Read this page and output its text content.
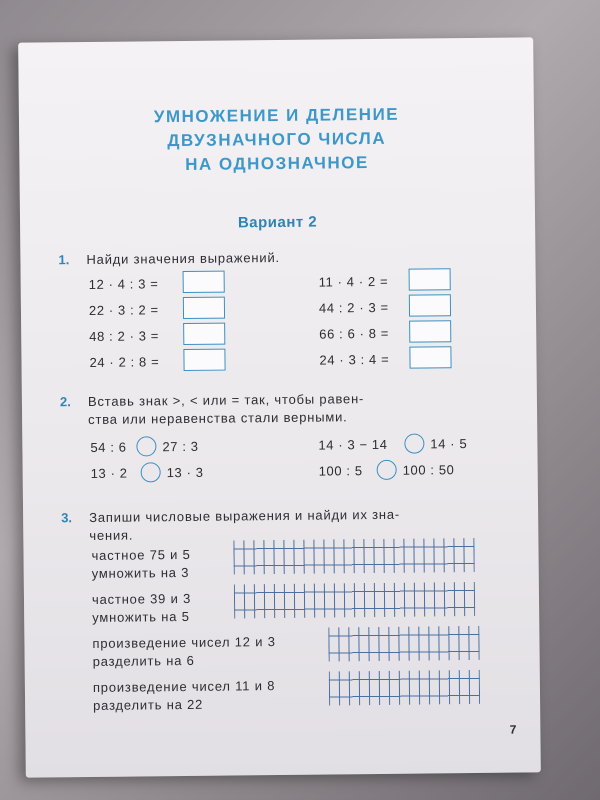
УМНОЖЕНИЕ И ДЕЛЕНИЕ
ДВУЗНАЧНОГО ЧИСЛА
НА ОДНОЗНАЧНОЕ
Вариант 2
1. Найди значения выражений.
12 · 4 : 3 =
22 · 3 : 2 =
48 : 2 · 3 =
24 · 2 : 8 =
11 · 4 · 2 =
44 : 2 · 3 =
66 : 6 · 8 =
24 · 3 : 4 =
2. Вставь знак >, < или = так, чтобы равен-
ства или неравенства стали верными.
54 : 6	27 : 3	14 · 3 − 14	14 · 5
13 · 2	13 · 3	100 : 5	100 : 50
3. Запиши числовые выражения и найди их зна-
чения.
частное 75 и 5
умножить на 3
частное 39 и 3
умножить на 5
произведение чисел 12 и 3
разделить на 6
произведение чисел 11 и 8
разделить на 22
7
